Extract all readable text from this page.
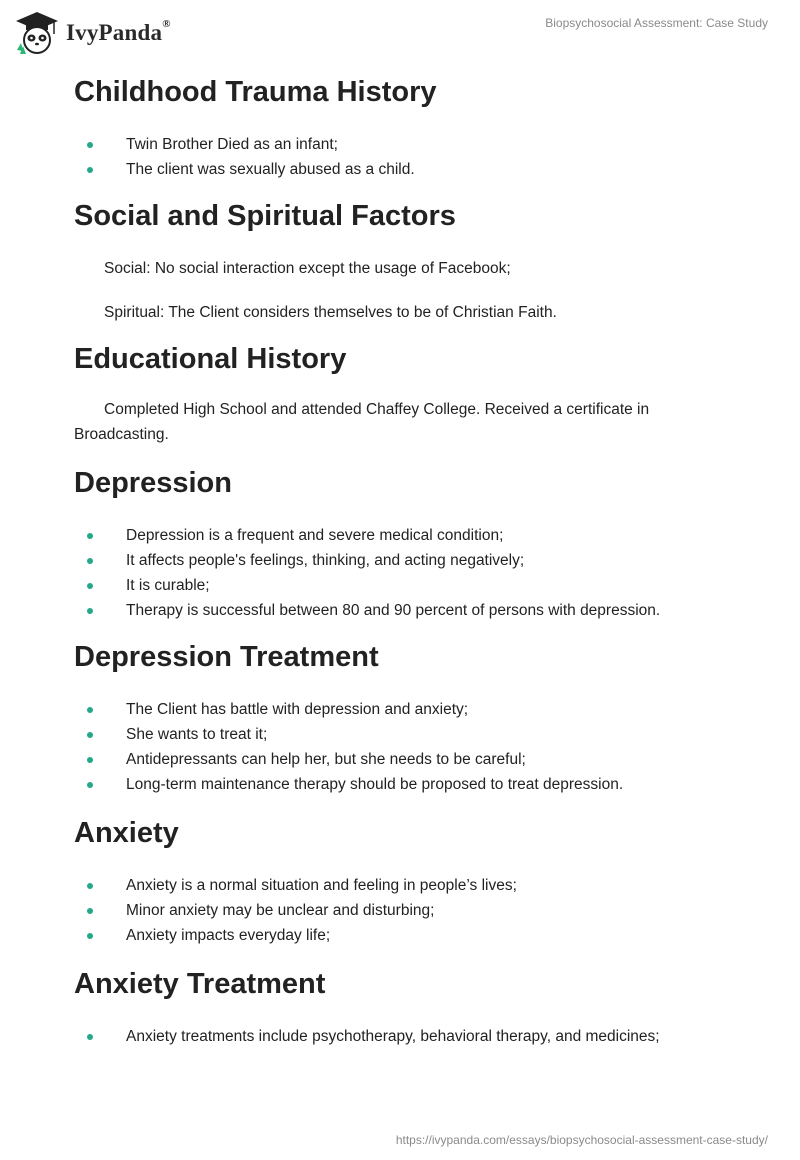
IvyPanda®	Biopsychosocial Assessment: Case Study
Childhood Trauma History
Twin Brother Died as an infant;
The client was sexually abused as a child.
Social and Spiritual Factors

Social: No social interaction except the usage of Facebook;

Spiritual: The Client considers themselves to be of Christian Faith.

Educational History

Completed High School and attended Chaffey College. Received a certificate in Broadcasting.

Depression
Depression is a frequent and severe medical condition;
It affects people's feelings, thinking, and acting negatively;
It is curable;
Therapy is successful between 80 and 90 percent of persons with depression.
Depression Treatment
The Client has battle with depression and anxiety;
She wants to treat it;
Antidepressants can help her, but she needs to be careful;
Long-term maintenance therapy should be proposed to treat depression.
Anxiety
Anxiety is a normal situation and feeling in people’s lives;
Minor anxiety may be unclear and disturbing;
Anxiety impacts everyday life;
Anxiety Treatment
Anxiety treatments include psychotherapy, behavioral therapy, and medicines;
https://ivypanda.com/essays/biopsychosocial-assessment-case-study/
